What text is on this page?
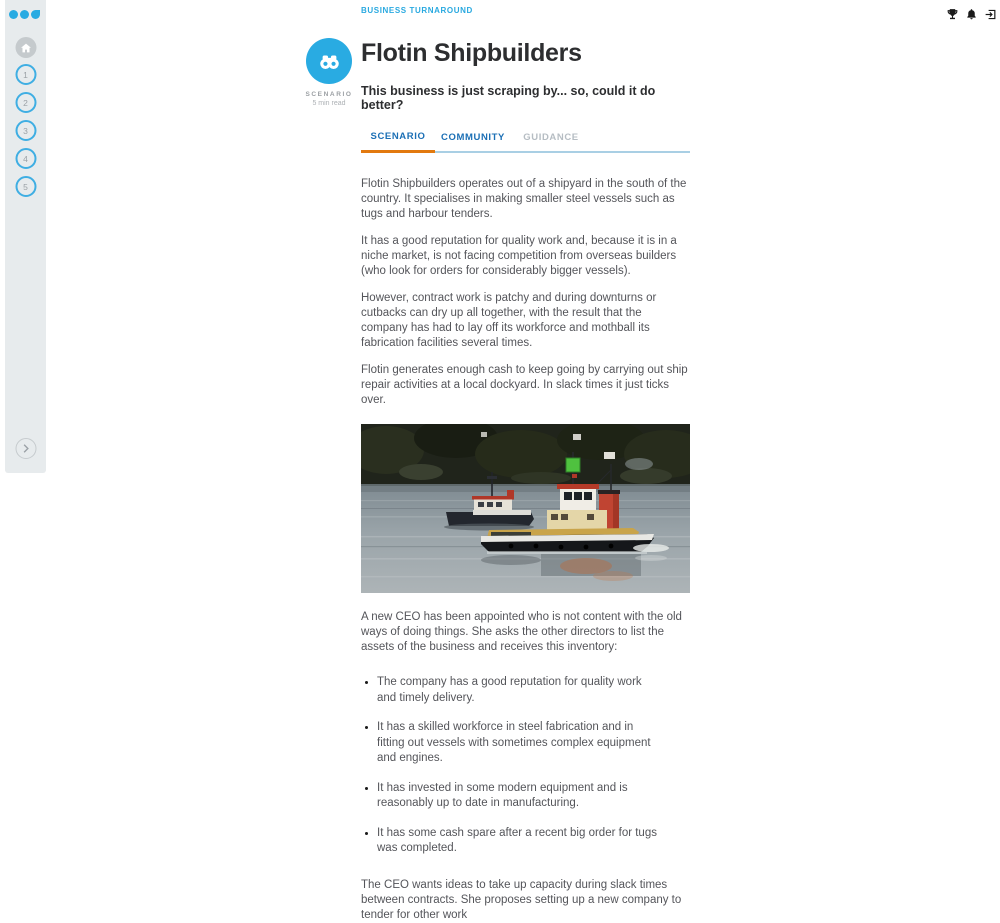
1
2
3
4
5
SCENARIO
5 min read
BUSINESS TURNAROUND
Flotin Shipbuilders
This business is just scraping by... so, could it do better?
SCENARIO	COMMUNITY	GUIDANCE

Flotin Shipbuilders operates out of a shipyard in the south of the country. It specialises in making smaller steel vessels such as tugs and harbour tenders.

It has a good reputation for quality work and, because it is in a niche market, is not facing competition from overseas builders (who look for orders for considerably bigger vessels).

However, contract work is patchy and during downturns or cutbacks can dry up all together, with the result that the company has had to lay off its workforce and mothball its fabrication facilities several times.

Flotin generates enough cash to keep going by carrying out ship repair activities at a local dockyard. In slack times it just ticks over.

A new CEO has been appointed who is not content with the old ways of doing things. She asks the other directors to list the assets of the business and receives this inventory:

• The company has a good reputation for quality work and timely delivery.
• It has a skilled workforce in steel fabrication and in fitting out vessels with sometimes complex equipment and engines.
• It has invested in some modern equipment and is reasonably up to date in manufacturing.
• It has some cash spare after a recent big order for tugs was completed.

The CEO wants ideas to take up capacity during slack times between contracts. She proposes setting up a new company to tender for other work
